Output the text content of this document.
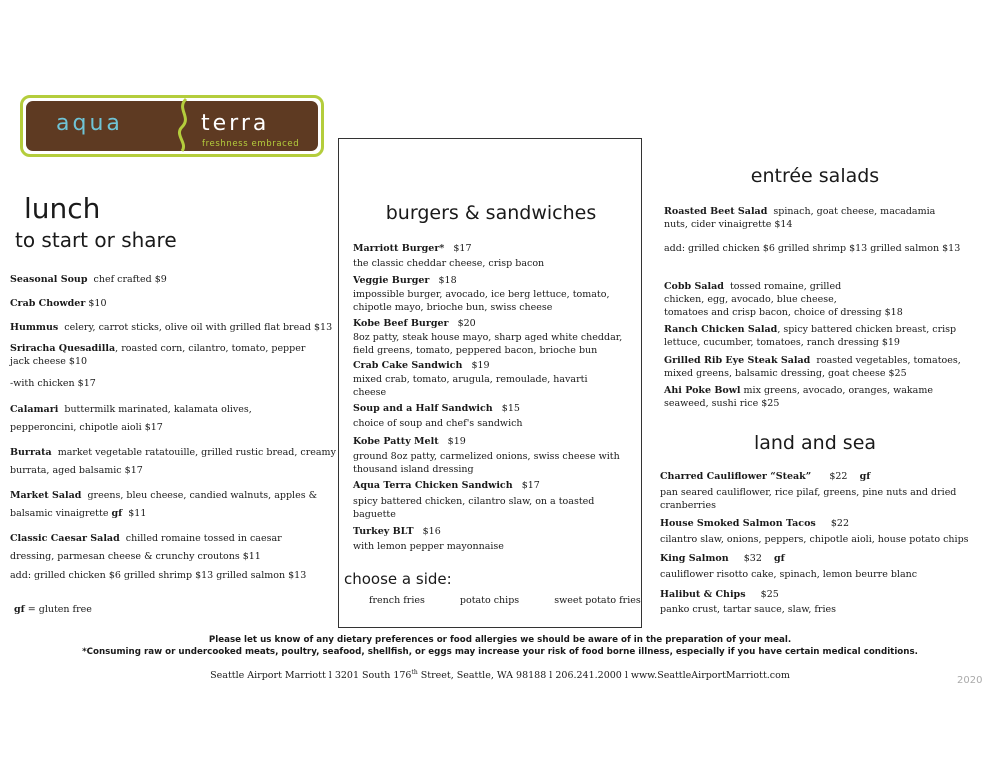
aqua	terra
freshness embraced
lunch
to start or share
Seasonal Soup chef crafted $9
Crab Chowder $10
Hummus celery, carrot sticks, olive oil with grilled flat bread $13
Sriracha Quesadilla, roasted corn, cilantro, tomato, pepper
jack cheese $10
-with chicken $17
Calamari buttermilk marinated, kalamata olives,
pepperoncini, chipotle aioli $17
Burrata market vegetable ratatouille, grilled rustic bread, creamy
burrata, aged balsamic $17
Market Salad greens, bleu cheese, candied walnuts, apples &
balsamic vinaigrette gf $11
Classic Caesar Salad chilled romaine tossed in caesar
dressing, parmesan cheese & crunchy croutons $11
add: grilled chicken $6 grilled shrimp $13 grilled salmon $13
gf = gluten free
burgers & sandwiches
Marriott Burger* $17
the classic cheddar cheese, crisp bacon
Veggie Burger $18
impossible burger, avocado, ice berg lettuce, tomato,
chipotle mayo, brioche bun, swiss cheese
Kobe Beef Burger $20
8oz patty, steak house mayo, sharp aged white cheddar,
field greens, tomato, peppered bacon, brioche bun
Crab Cake Sandwich $19
mixed crab, tomato, arugula, remoulade, havarti
cheese
Soup and a Half Sandwich $15
choice of soup and chef's sandwich
Kobe Patty Melt $19
ground 8oz patty, carmelized onions, swiss cheese with
thousand island dressing
Aqua Terra Chicken Sandwich $17
spicy battered chicken, cilantro slaw, on a toasted
baguette
Turkey BLT $16
with lemon pepper mayonnaise
choose a side:
french fries	potato chips	sweet potato fries
entrée salads
Roasted Beet Salad spinach, goat cheese, macadamia
nuts, cider vinaigrette $14
add: grilled chicken $6 grilled shrimp $13 grilled salmon $13
Cobb Salad tossed romaine, grilled
chicken, egg, avocado, blue cheese,
tomatoes and crisp bacon, choice of dressing $18
Ranch Chicken Salad, spicy battered chicken breast, crisp
lettuce, cucumber, tomatoes, ranch dressing $19
Grilled Rib Eye Steak Salad roasted vegetables, tomatoes,
mixed greens, balsamic dressing, goat cheese $25
Ahi Poke Bowl mix greens, avocado, oranges, wakame
seaweed, sushi rice $25
land and sea
Charred Cauliflower “Steak” $22 gf
pan seared cauliflower, rice pilaf, greens, pine nuts and dried
cranberries
House Smoked Salmon Tacos $22
cilantro slaw, onions, peppers, chipotle aioli, house potato chips
King Salmon $32 gf
cauliflower risotto cake, spinach, lemon beurre blanc
Halibut & Chips $25
panko crust, tartar sauce, slaw, fries
Please let us know of any dietary preferences or food allergies we should be aware of in the preparation of your meal.
*Consuming raw or undercooked meats, poultry, seafood, shellfish, or eggs may increase your risk of food borne illness, especially if you have certain medical conditions.
Seattle Airport Marriott l 3201 South 176th Street, Seattle, WA 98188 l 206.241.2000 l www.SeattleAirportMarriott.com	2020
